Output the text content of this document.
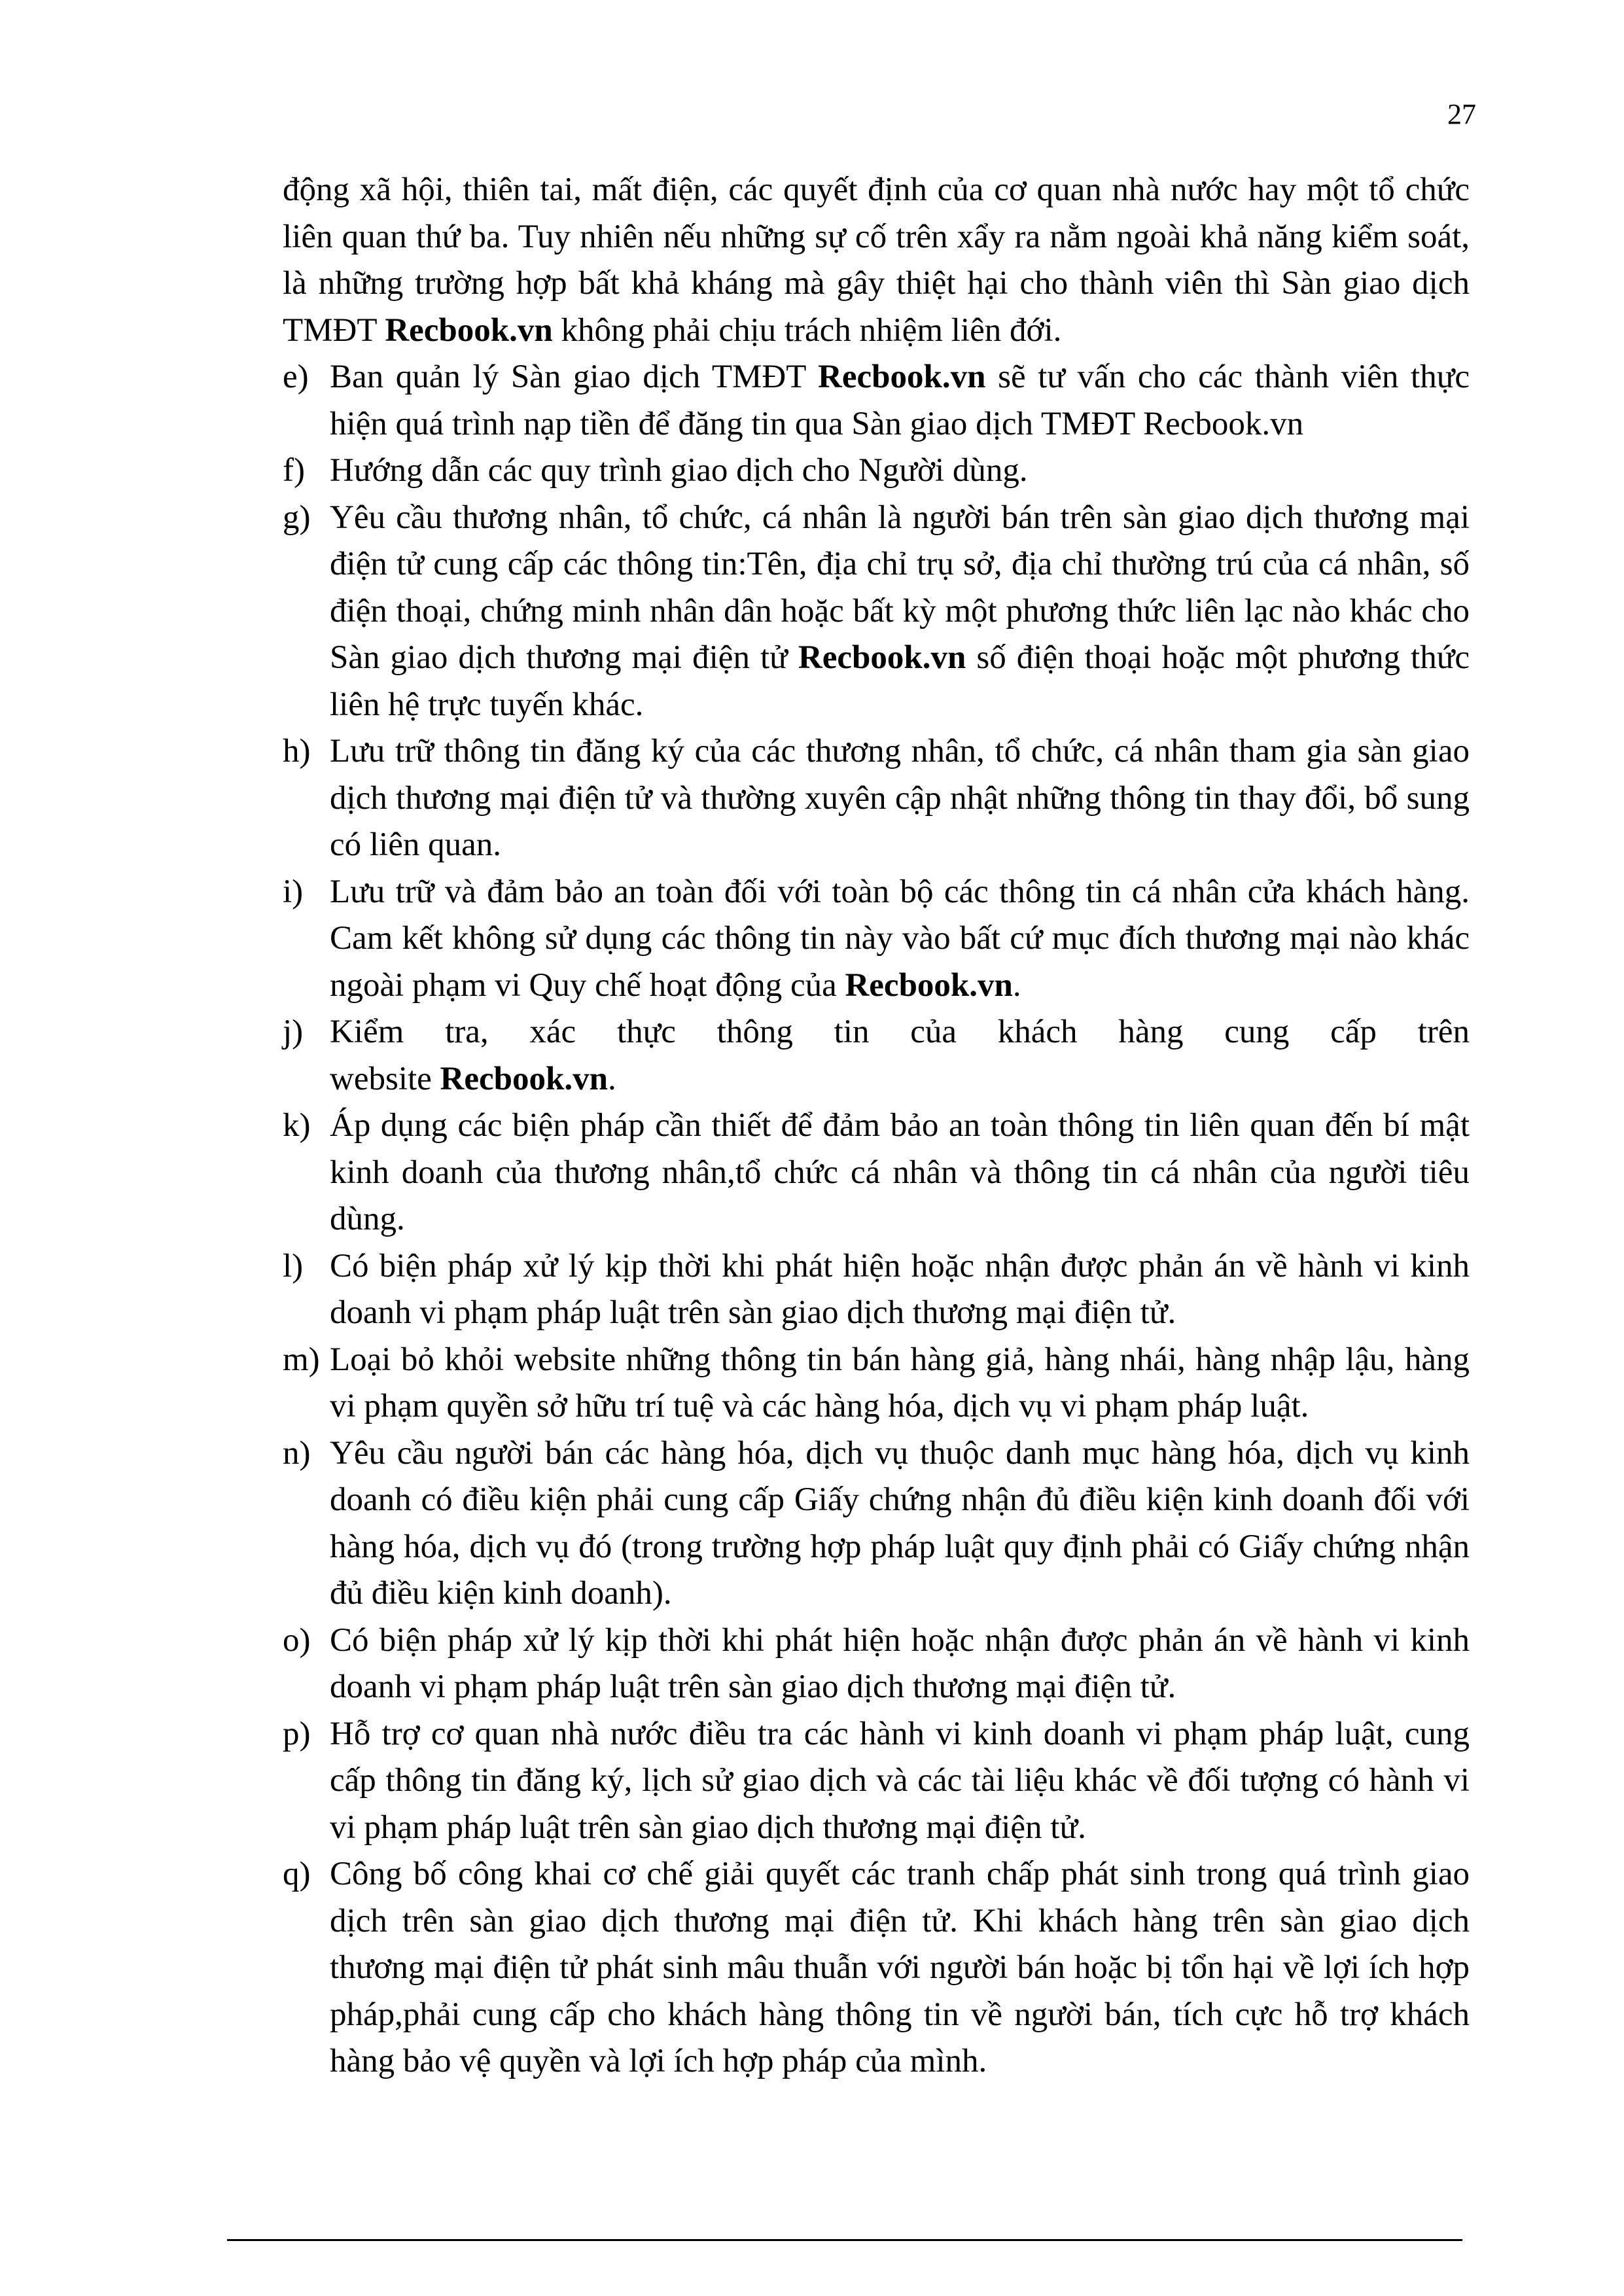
27

động xã hội, thiên tai, mất điện, các quyết định của cơ quan nhà nước hay một tổ chức liên quan thứ ba. Tuy nhiên nếu những sự cố trên xẩy ra nằm ngoài khả năng kiểm soát, là những trường hợp bất khả kháng mà gây thiệt hại cho thành viên thì Sàn giao dịch TMĐT Recbook.vn không phải chịu trách nhiệm liên đới.

e) Ban quản lý Sàn giao dịch TMĐT Recbook.vn sẽ tư vấn cho các thành viên thực hiện quá trình nạp tiền để đăng tin qua Sàn giao dịch TMĐT Recbook.vn
f) Hướng dẫn các quy trình giao dịch cho Người dùng.
g) Yêu cầu thương nhân, tổ chức, cá nhân là người bán trên sàn giao dịch thương mại điện tử cung cấp các thông tin:Tên, địa chỉ trụ sở, địa chỉ thường trú của cá nhân, số điện thoại, chứng minh nhân dân hoặc bất kỳ một phương thức liên lạc nào khác cho Sàn giao dịch thương mại điện tử Recbook.vn số điện thoại hoặc một phương thức liên hệ trực tuyến khác.
h) Lưu trữ thông tin đăng ký của các thương nhân, tổ chức, cá nhân tham gia sàn giao dịch thương mại điện tử và thường xuyên cập nhật những thông tin thay đổi, bổ sung có liên quan.
i) Lưu trữ và đảm bảo an toàn đối với toàn bộ các thông tin cá nhân cửa khách hàng. Cam kết không sử dụng các thông tin này vào bất cứ mục đích thương mại nào khác ngoài phạm vi Quy chế hoạt động của Recbook.vn.
j) Kiểm tra, xác thực thông tin của khách hàng cung cấp trên
website Recbook.vn.
k) Áp dụng các biện pháp cần thiết để đảm bảo an toàn thông tin liên quan đến bí mật kinh doanh của thương nhân,tổ chức cá nhân và thông tin cá nhân của người tiêu dùng.
l) Có biện pháp xử lý kịp thời khi phát hiện hoặc nhận được phản án về hành vi kinh doanh vi phạm pháp luật trên sàn giao dịch thương mại điện tử.
m) Loại bỏ khỏi website những thông tin bán hàng giả, hàng nhái, hàng nhập lậu, hàng vi phạm quyền sở hữu trí tuệ và các hàng hóa, dịch vụ vi phạm pháp luật.
n) Yêu cầu người bán các hàng hóa, dịch vụ thuộc danh mục hàng hóa, dịch vụ kinh doanh có điều kiện phải cung cấp Giấy chứng nhận đủ điều kiện kinh doanh đối với hàng hóa, dịch vụ đó (trong trường hợp pháp luật quy định phải có Giấy chứng nhận đủ điều kiện kinh doanh).
o) Có biện pháp xử lý kịp thời khi phát hiện hoặc nhận được phản án về hành vi kinh doanh vi phạm pháp luật trên sàn giao dịch thương mại điện tử.
p) Hỗ trợ cơ quan nhà nước điều tra các hành vi kinh doanh vi phạm pháp luật, cung cấp thông tin đăng ký, lịch sử giao dịch và các tài liệu khác về đối tượng có hành vi vi phạm pháp luật trên sàn giao dịch thương mại điện tử.
q) Công bố công khai cơ chế giải quyết các tranh chấp phát sinh trong quá trình giao dịch trên sàn giao dịch thương mại điện tử. Khi khách hàng trên sàn giao dịch thương mại điện tử phát sinh mâu thuẫn với người bán hoặc bị tổn hại về lợi ích hợp pháp,phải cung cấp cho khách hàng thông tin về người bán, tích cực hỗ trợ khách hàng bảo vệ quyền và lợi ích hợp pháp của mình.
